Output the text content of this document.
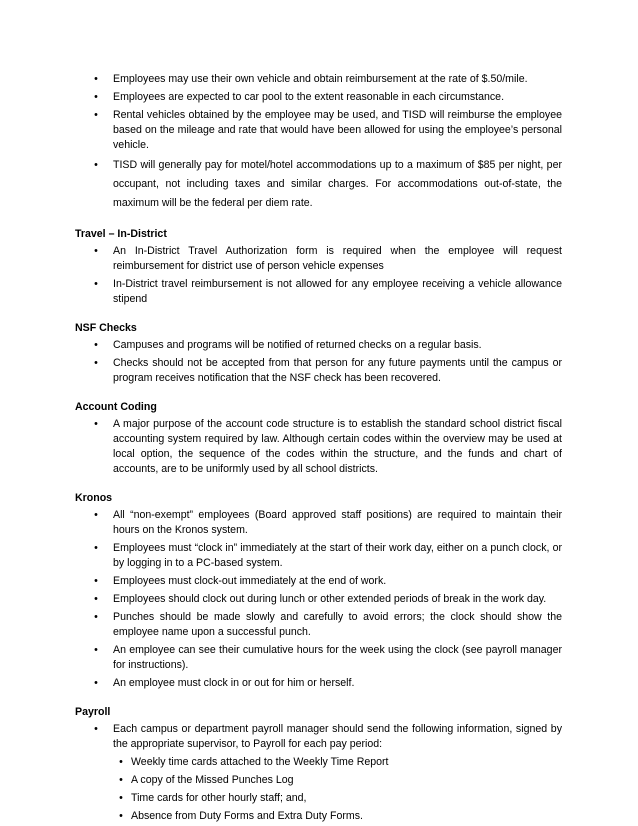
• Employees may use their own vehicle and obtain reimbursement at the rate of $.50/mile.
• Employees are expected to car pool to the extent reasonable in each circumstance.
• Rental vehicles obtained by the employee may be used, and TISD will reimburse the employee based on the mileage and rate that would have been allowed for using the employee’s personal vehicle.
• TISD will generally pay for motel/hotel accommodations up to a maximum of $85 per night, per occupant, not including taxes and similar charges. For accommodations out-of-state, the maximum will be the federal per diem rate.
Travel – In-District
• An In-District Travel Authorization form is required when the employee will request reimbursement for district use of person vehicle expenses
• In-District travel reimbursement is not allowed for any employee receiving a vehicle allowance stipend
NSF Checks
• Campuses and programs will be notified of returned checks on a regular basis.
• Checks should not be accepted from that person for any future payments until the campus or program receives notification that the NSF check has been recovered.
Account Coding
• A major purpose of the account code structure is to establish the standard school district fiscal accounting system required by law. Although certain codes within the overview may be used at local option, the sequence of the codes within the structure, and the funds and chart of accounts, are to be uniformly used by all school districts.
Kronos
• All “non-exempt” employees (Board approved staff positions) are required to maintain their hours on the Kronos system.
• Employees must “clock in” immediately at the start of their work day, either on a punch clock, or by logging in to a PC-based system.
• Employees must clock-out immediately at the end of work.
• Employees should clock out during lunch or other extended periods of break in the work day.
• Punches should be made slowly and carefully to avoid errors; the clock should show the employee name upon a successful punch.
• An employee can see their cumulative hours for the week using the clock (see payroll manager for instructions).
• An employee must clock in or out for him or herself.
Payroll
• Each campus or department payroll manager should send the following information, signed by the appropriate supervisor, to Payroll for each pay period:
• Weekly time cards attached to the Weekly Time Report
• A copy of the Missed Punches Log
• Time cards for other hourly staff; and,
• Absence from Duty Forms and Extra Duty Forms.
